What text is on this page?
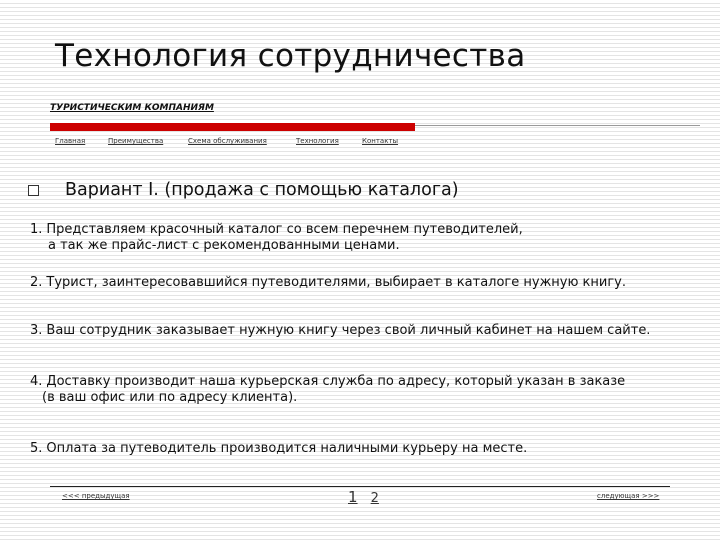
Технология сотрудничества
ТУРИСТИЧЕСКИМ КОМПАНИЯМ
Главная	Преимущества	Схема обслуживания	Технология	Контакты
Вариант I. (продажа с помощью каталога)
1. Представляем красочный каталог со всем перечнем путеводителей,
а так же прайс-лист с рекомендованными ценами.
2. Турист, заинтересовавшийся путеводителями, выбирает в каталоге нужную книгу.
3. Ваш сотрудник заказывает нужную книгу через свой личный кабинет на нашем сайте.
4. Доставку производит наша курьерская служба по адресу, который указан в заказе
(в ваш офис или по адресу клиента).
5. Оплата за путеводитель производится наличными курьеру на месте.
<<< предыдущая	1 2	следующая >>>
